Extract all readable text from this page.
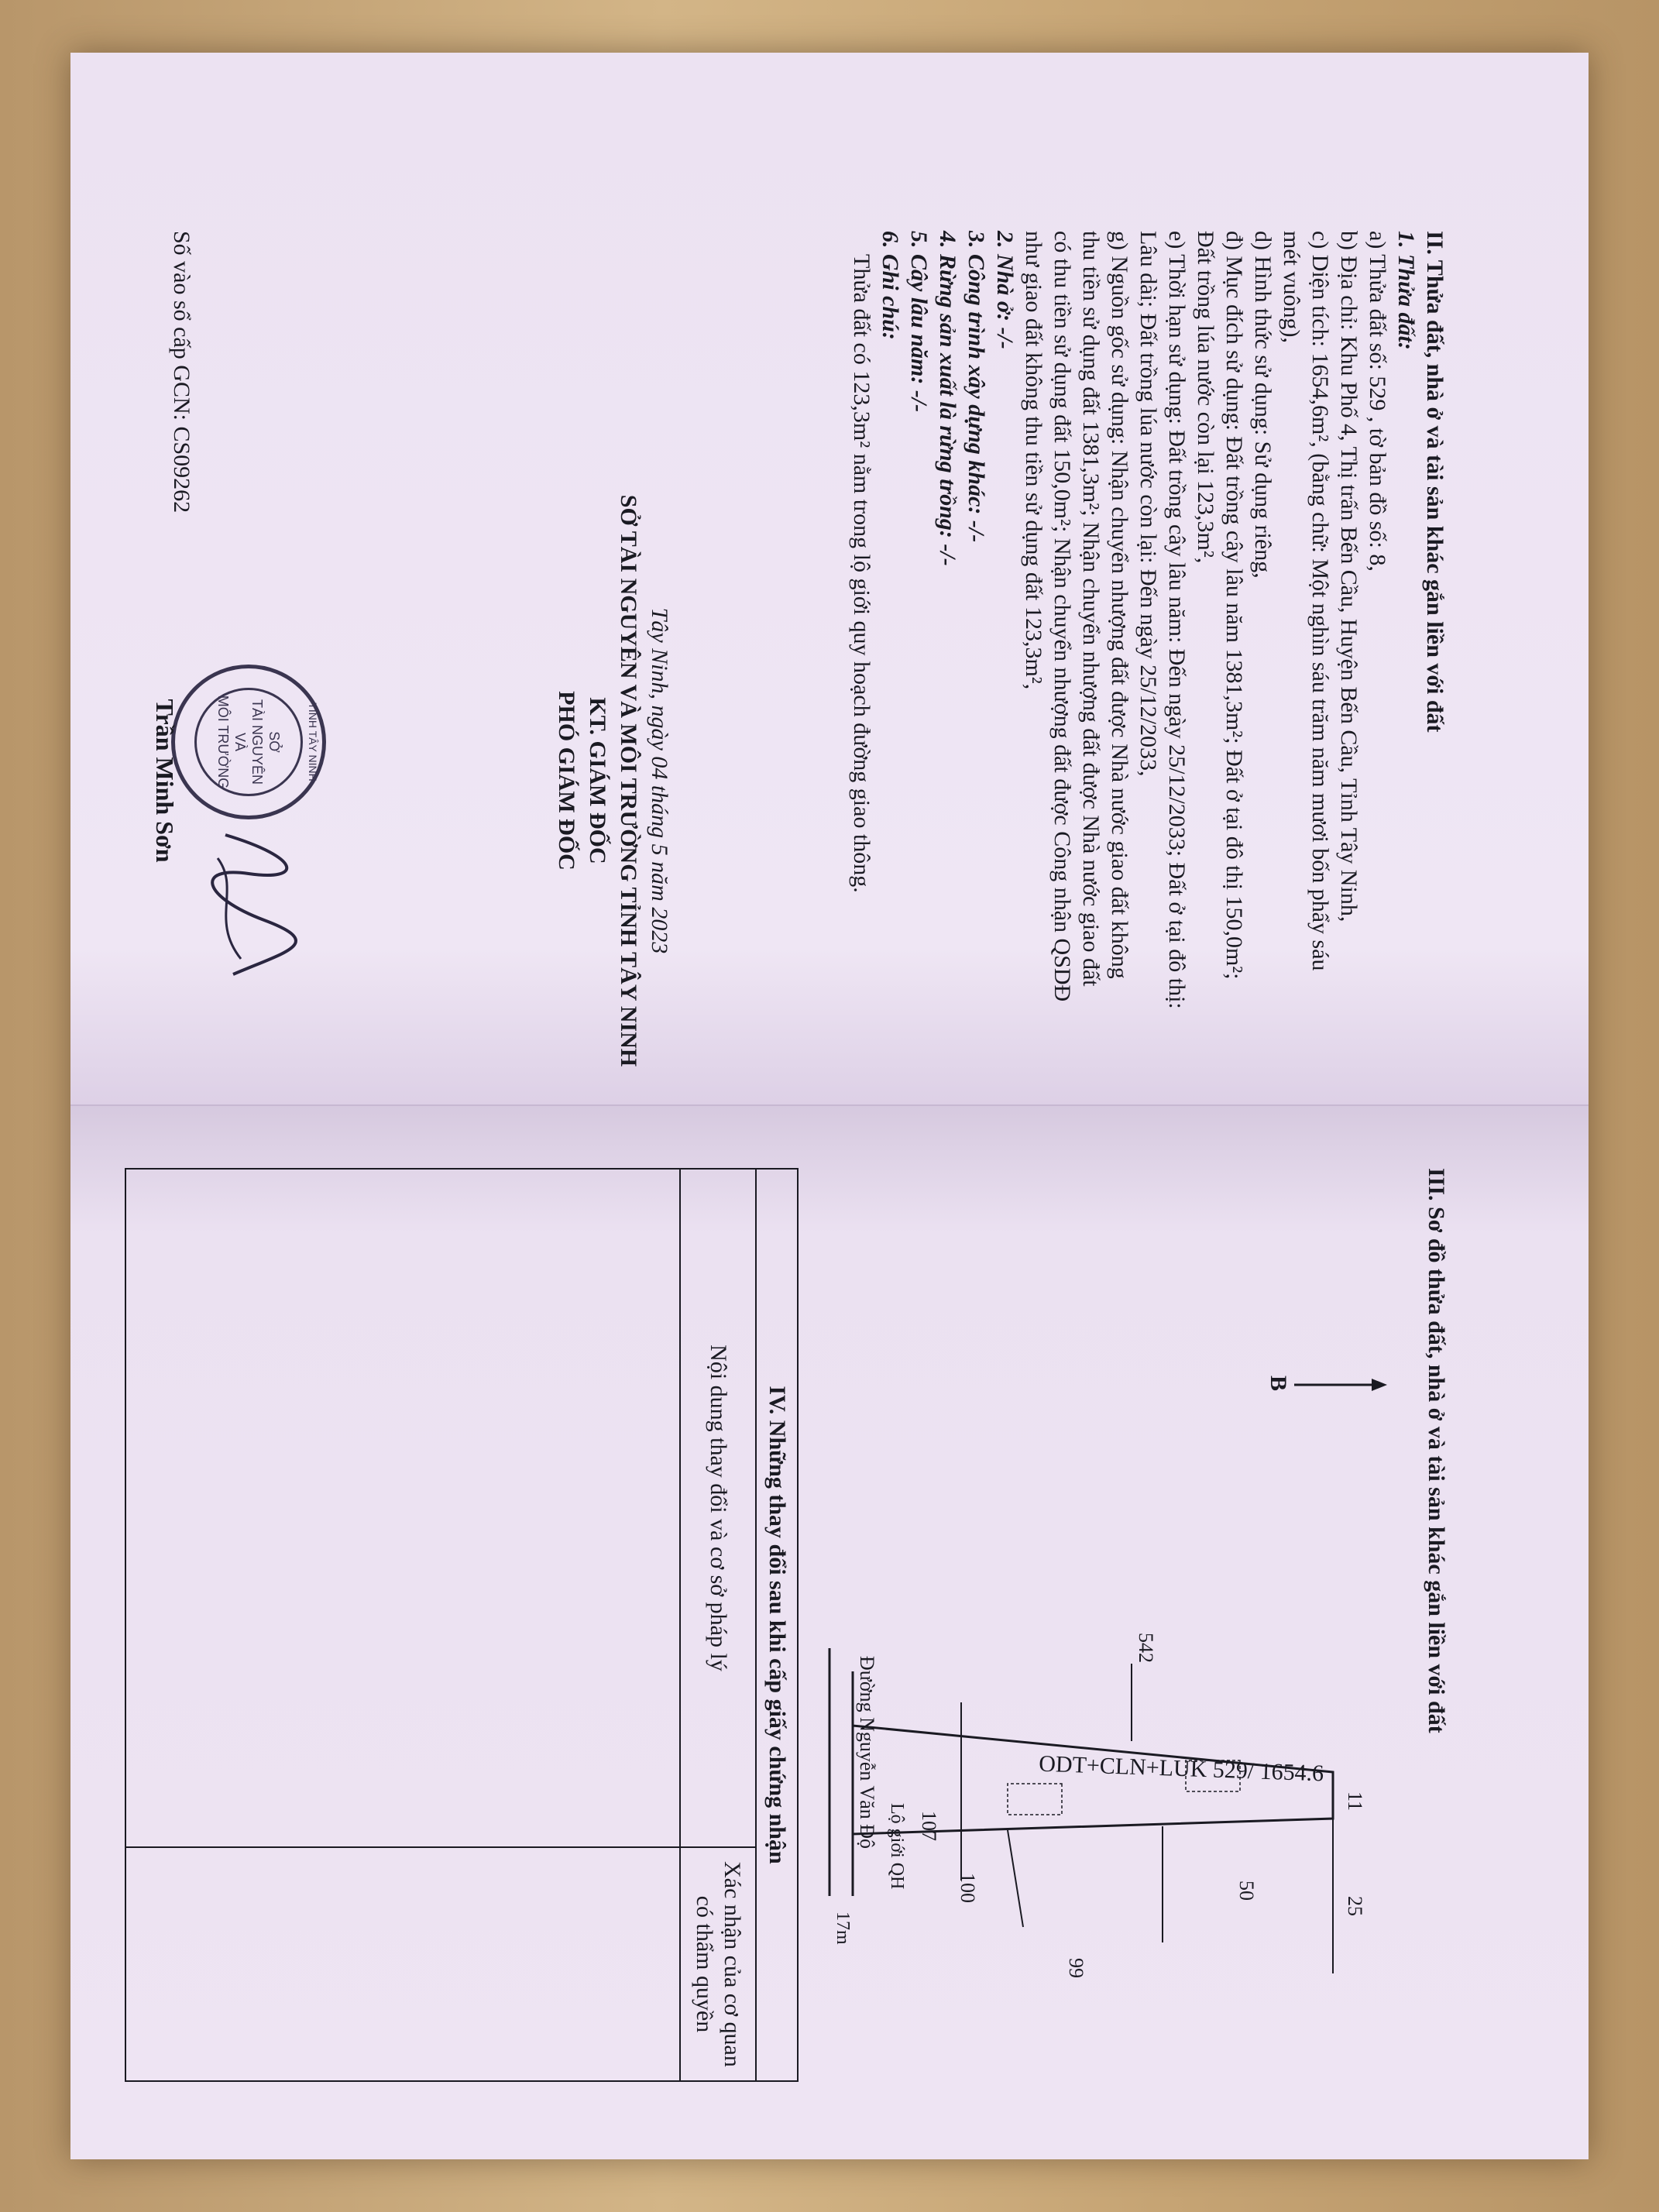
II. Thửa đất, nhà ở và tài sản khác gắn liền với đất
1. Thửa đất:
a) Thửa đất số: 529 , tờ bản đồ số: 8,
b) Địa chỉ: Khu Phố 4, Thị trấn Bến Cầu, Huyện Bến Cầu, Tỉnh Tây Ninh,
c) Diện tích: 1654,6m², (bằng chữ: Một nghìn sáu trăm năm mươi bốn phẩy sáu
mét vuông),
d) Hình thức sử dụng: Sử dụng riêng,
đ) Mục đích sử dụng: Đất trồng cây lâu năm 1381,3m²; Đất ở tại đô thị 150,0m²;
Đất trồng lúa nước còn lại 123,3m²,
e) Thời hạn sử dụng: Đất trồng cây lâu năm: Đến ngày 25/12/2033; Đất ở tại đô thị:
Lâu dài; Đất trồng lúa nước còn lại: Đến ngày 25/12/2033,
g) Nguồn gốc sử dụng: Nhận chuyển nhượng đất được Nhà nước giao đất không
thu tiền sử dụng đất 1381,3m²; Nhận chuyển nhượng đất được Nhà nước giao đất
có thu tiền sử dụng đất 150,0m²; Nhận chuyển nhượng đất được Công nhận QSDĐ
như giao đất không thu tiền sử dụng đất 123,3m²,
2. Nhà ở: -/-
3. Công trình xây dựng khác: -/-
4. Rừng sản xuất là rừng trồng: -/-
5. Cây lâu năm: -/-
6. Ghi chú:
Thửa đất có 123,3m² nằm trong lộ giới quy hoạch đường giao thông.
Tây Ninh, ngày 04 tháng 5 năm 2023
SỞ TÀI NGUYÊN VÀ MÔI TRƯỜNG TỈNH TÂY NINH
KT. GIÁM ĐỐC
PHÓ GIÁM ĐỐC
TỈNH TÂY NINH
SỞ
TÀI NGUYÊN
VÀ
MÔI TRƯỜNG
Trần Minh Sơn
Số vào sổ cấp GCN: CS09262
III. Sơ đồ thửa đất, nhà ở và tài sản khác gắn liền với đất
B
ODT+CLN+LUK 529/ 1654.6
11
25
50
99
100
542
107
Lộ giới QH
17m
Đường Nguyễn Văn Độ
IV. Những thay đổi sau khi cấp giấy chứng nhận
Nội dung thay đổi và cơ sở pháp lý
Xác nhận của cơ quan
có thẩm quyền
